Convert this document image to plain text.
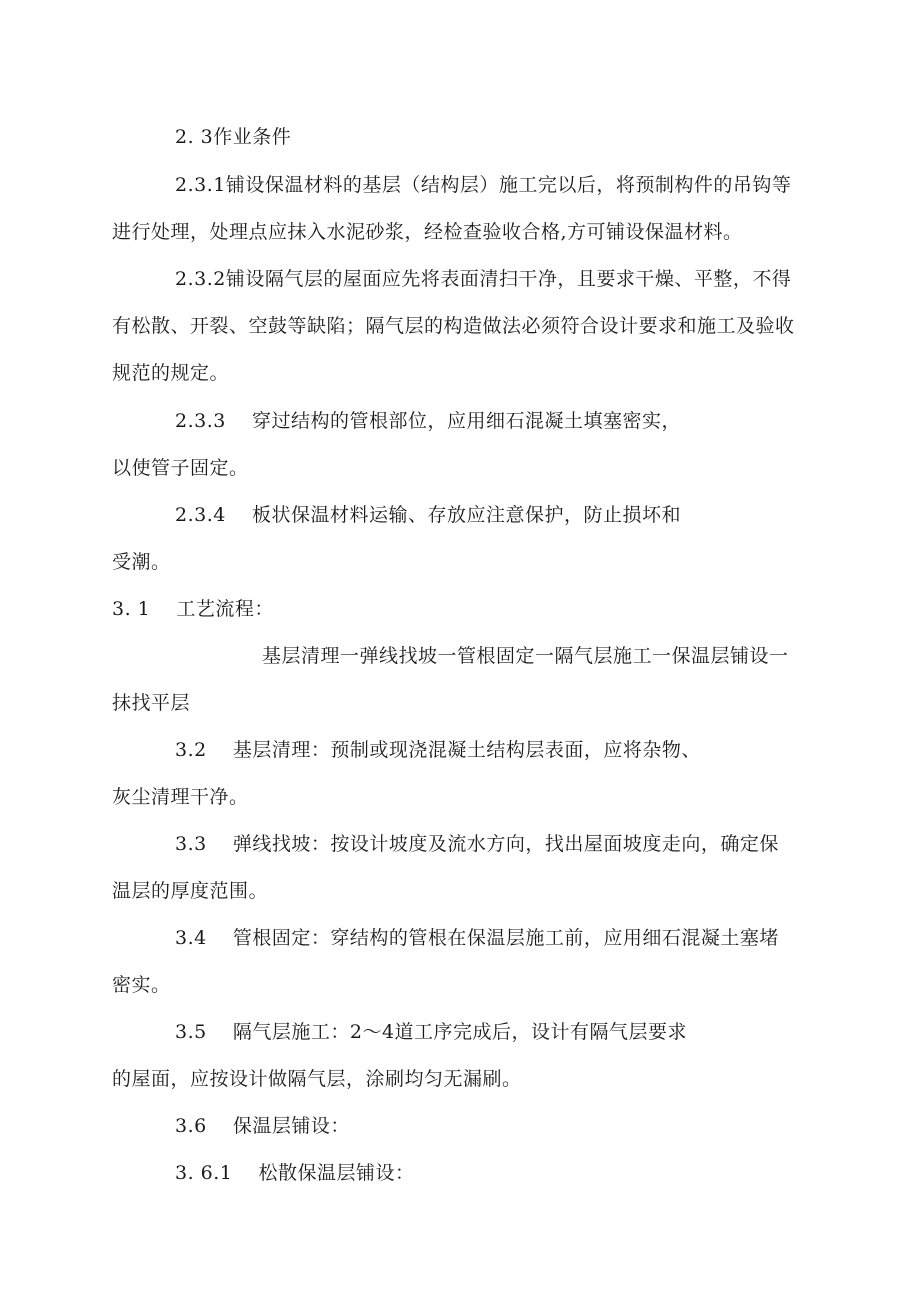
2. 3作业条件
2.3.1铺设保温材料的基层（结构层）施工完以后，将预制构件的吊钩等
进行处理，处理点应抹入水泥砂浆，经检查验收合格,方可铺设保温材料。
2.3.2铺设隔气层的屋面应先将表面清扫干净，且要求干燥、平整，不得
有松散、开裂、空鼓等缺陷；隔气层的构造做法必须符合设计要求和施工及验收
规范的规定。
2.3.3    穿过结构的管根部位，应用细石混凝土填塞密实，
以使管子固定。
2.3.4    板状保温材料运输、存放应注意保护，防止损坏和
受潮。
3. 1    工艺流程：
基层清理一弹线找坡一管根固定一隔气层施工一保温层铺设一
抹找平层
3.2    基层清理：预制或现浇混凝土结构层表面，应将杂物、
灰尘清理干净。
3.3    弹线找坡：按设计坡度及流水方向，找出屋面坡度走向，确定保
温层的厚度范围。
3.4    管根固定：穿结构的管根在保温层施工前，应用细石混凝土塞堵
密实。
3.5    隔气层施工：2～4道工序完成后，设计有隔气层要求
的屋面，应按设计做隔气层，涂刷均匀无漏刷。
3.6    保温层铺设：
3. 6.1    松散保温层铺设：
